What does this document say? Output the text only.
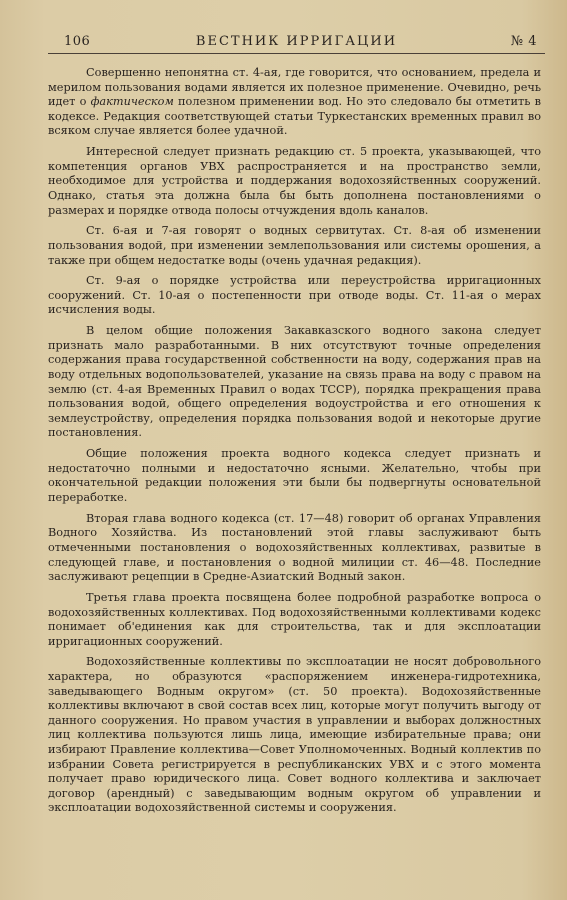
106	ВЕСТНИК ИРРИГАЦИИ	№ 4

Совершенно непонятна ст. 4-ая, где говорится, что основанием, предела и мерилом пользования водами является их полезное применение. Очевидно, речь идет о фактическом полезном применении вод. Но это следовало бы отметить в кодексе. Редакция соответствующей статьи Туркестанских временных правил во всяком случае является более удачной.

Интересной следует признать редакцию ст. 5 проекта, указывающей, что компетенция органов УВХ распространяется и на пространство земли, необходимое для устройства и поддержания водохозяйственных сооружений. Однако, статья эта должна была бы быть дополнена постановлениями о размерах и порядке отвода полосы отчуждения вдоль каналов.

Ст. 6-ая и 7-ая говорят о водных сервитутах. Ст. 8-ая об изменении пользования водой, при изменении землепользования или системы орошения, а также при общем недостатке воды (очень удачная редакция).

Ст. 9-ая о порядке устройства или переустройства ирригационных сооружений. Ст. 10-ая о постепенности при отводе воды. Ст. 11-ая о мерах исчисления воды.

В целом общие положения Закавказского водного закона следует признать мало разработанными. В них отсутствуют точные определения содержания права государственной собственности на воду, содержания прав на воду отдельных водопользователей, указание на связь права на воду с правом на землю (ст. 4-ая Временных Правил о водах ТССР), порядка прекращения права пользования водой, общего определения водоустройства и его отношения к землеустройству, определения порядка пользования водой и некоторые другие постановления.

Общие положения проекта водного кодекса следует признать и недостаточно полными и недостаточно ясными. Желательно, чтобы при окончательной редакции положения эти были бы подвергнуты основательной переработке.

Вторая глава водного кодекса (ст. 17—48) говорит об органах Управления Водного Хозяйства. Из постановлений этой главы заслуживают быть отмеченными постановления о водохозяйственных коллективах, развитые в следующей главе, и постановления о водной милиции ст. 46—48. Последние заслуживают рецепции в Средне-Азиатский Водный закон.

Третья глава проекта посвящена более подробной разработке вопроса о водохозяйственных коллективах. Под водохозяйственными коллективами кодекс понимает об'единения как для строительства, так и для эксплоатации ирригационных сооружений.

Водохозяйственные коллективы по эксплоатации не носят добровольного характера, но образуются «распоряжением инженера-гидротехника, заведывающего Водным округом» (ст. 50 проекта). Водохозяйственные коллективы включают в свой состав всех лиц, которые могут получить выгоду от данного сооружения. Но правом участия в управлении и выборах должностных лиц коллектива пользуются лишь лица, имеющие избирательные права; они избирают Правление коллектива—Совет Уполномоченных. Водный коллектив по избрании Совета регистрируется в республиканских УВХ и с этого момента получает право юридического лица. Совет водного коллектива и заключает договор (арендный) с заведывающим водным округом об управлении и эксплоатации водохозяйственной системы и сооружения.
